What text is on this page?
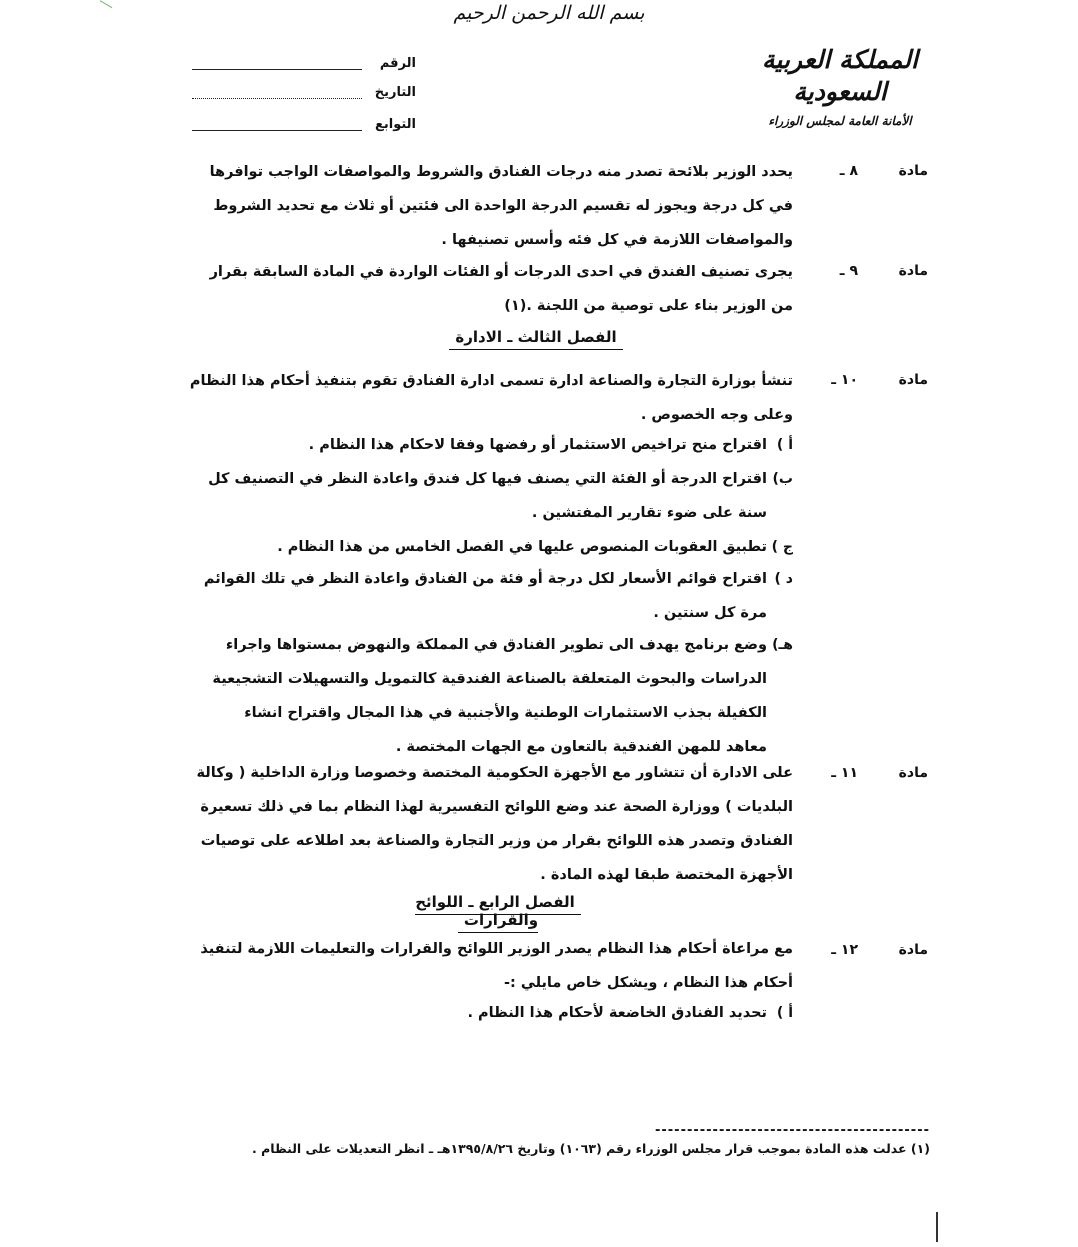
بسم الله الرحمن الرحيم
المملكة العربية السعودية
الأمانة العامة لمجلس الوزراء
الرقم
التاريخ
التوابع
مادة
٨ ـ

يحدد الوزير بلائحة تصدر منه درجات الفنادق والشروط والمواصفات الواجب توافرها

في كل درجة ويجوز له تقسيم الدرجة الواحدة الى فئتين أو ثلاث مع تحديد الشروط

والمواصفات اللازمة في كل فئه وأسس تصنيفها .

مادة
٩ ـ

يجرى تصنيف الفندق في احدى الدرجات أو الفئات الواردة في المادة السابقة بقرار

من الوزير بناء على توصية من اللجنة .(١)

الفصل الثالث ـ الادارة
مادة
١٠ ـ

تنشأ بوزارة التجارة والصناعة ادارة تسمى ادارة الفنادق تقوم بتنفيذ أحكام هذا النظام

وعلى وجه الخصوص .

أ )

اقتراح منح تراخيص الاستثمار أو رفضها وفقا لاحكام هذا النظام .

ب)

اقتراح الدرجة أو الفئة التي يصنف فيها كل فندق واعادة النظر في التصنيف كل

سنة على ضوء تقارير المفتشين .

ج )

تطبيق العقوبات المنصوص عليها في الفصل الخامس من هذا النظام .

د )

اقتراح قوائم الأسعار لكل درجة أو فئة من الفنادق واعادة النظر في تلك القوائم

مرة كل سنتين .

هـ)

وضع برنامج يهدف الى تطوير الفنادق في المملكة والنهوض بمستواها واجراء

الدراسات والبحوث المتعلقة بالصناعة الفندقية كالتمويل والتسهيلات التشجيعية

الكفيلة بجذب الاستثمارات الوطنية والأجنبية في هذا المجال واقتراح انشاء

معاهد للمهن الفندقية بالتعاون مع الجهات المختصة .

مادة
١١ ـ

على الادارة أن تتشاور مع الأجهزة الحكومية المختصة وخصوصا وزارة الداخلية ( وكالة

البلديات ) ووزارة الصحة عند وضع اللوائح التفسيرية لهذا النظام بما في ذلك تسعيرة

الفنادق وتصدر هذه اللوائح بقرار من وزير التجارة والصناعة بعد اطلاعه على توصيات

الأجهزة المختصة طبقا لهذه المادة .

الفصل الرابع ـ اللوائح والقرارات
مادة
١٢ ـ

مع مراعاة أحكام هذا النظام يصدر الوزير اللوائح والقرارات والتعليمات اللازمة لتنفيذ

أحكام هذا النظام ، ويشكل خاص مايلي :-

أ )

تحديد الفنادق الخاضعة لأحكام هذا النظام .

-------------------------------------------
(١) عدلت هذه المادة بموجب قرار مجلس الوزراء رقم (١٠٦٣) وتاريخ ١٣٩٥/٨/٢٦هـ ـ انظر التعديلات على النظام .
